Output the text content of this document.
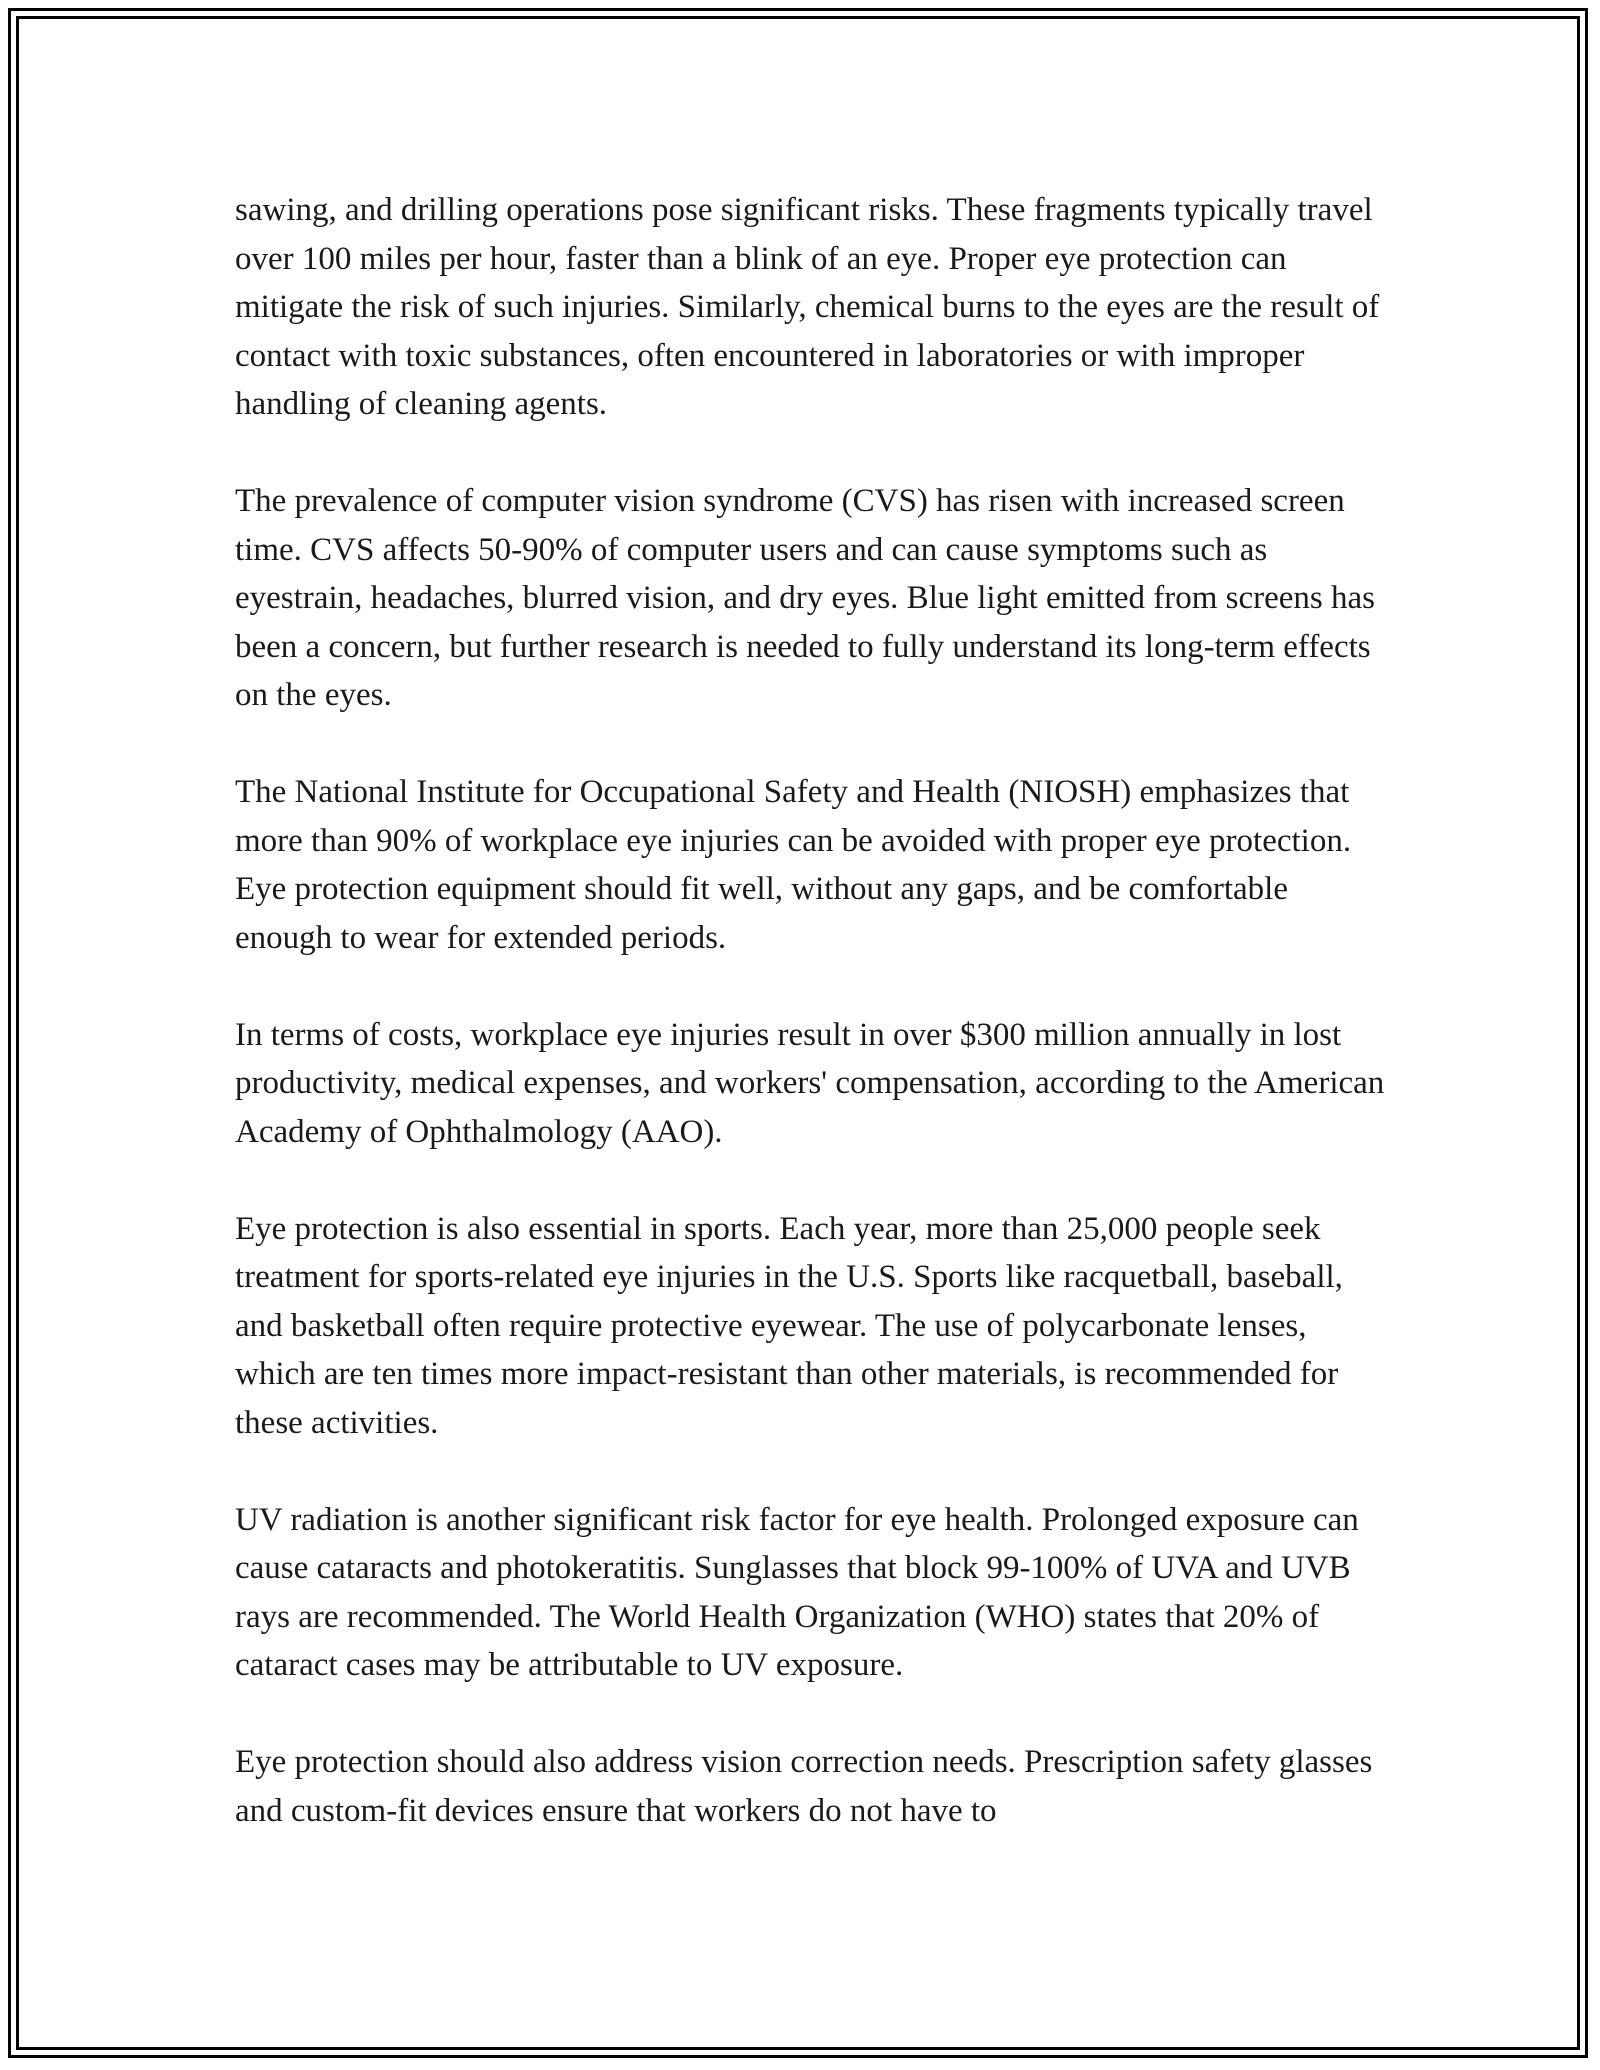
sawing, and drilling operations pose significant risks. These fragments typically travel over 100 miles per hour, faster than a blink of an eye. Proper eye protection can mitigate the risk of such injuries. Similarly, chemical burns to the eyes are the result of contact with toxic substances, often encountered in laboratories or with improper handling of cleaning agents.

The prevalence of computer vision syndrome (CVS) has risen with increased screen time. CVS affects 50-90% of computer users and can cause symptoms such as eyestrain, headaches, blurred vision, and dry eyes. Blue light emitted from screens has been a concern, but further research is needed to fully understand its long-term effects on the eyes.

The National Institute for Occupational Safety and Health (NIOSH) emphasizes that more than 90% of workplace eye injuries can be avoided with proper eye protection. Eye protection equipment should fit well, without any gaps, and be comfortable enough to wear for extended periods.

In terms of costs, workplace eye injuries result in over $300 million annually in lost productivity, medical expenses, and workers' compensation, according to the American Academy of Ophthalmology (AAO).

Eye protection is also essential in sports. Each year, more than 25,000 people seek treatment for sports-related eye injuries in the U.S. Sports like racquetball, baseball, and basketball often require protective eyewear. The use of polycarbonate lenses, which are ten times more impact-resistant than other materials, is recommended for these activities.

UV radiation is another significant risk factor for eye health. Prolonged exposure can cause cataracts and photokeratitis. Sunglasses that block 99-100% of UVA and UVB rays are recommended. The World Health Organization (WHO) states that 20% of cataract cases may be attributable to UV exposure.

Eye protection should also address vision correction needs. Prescription safety glasses and custom-fit devices ensure that workers do not have to
